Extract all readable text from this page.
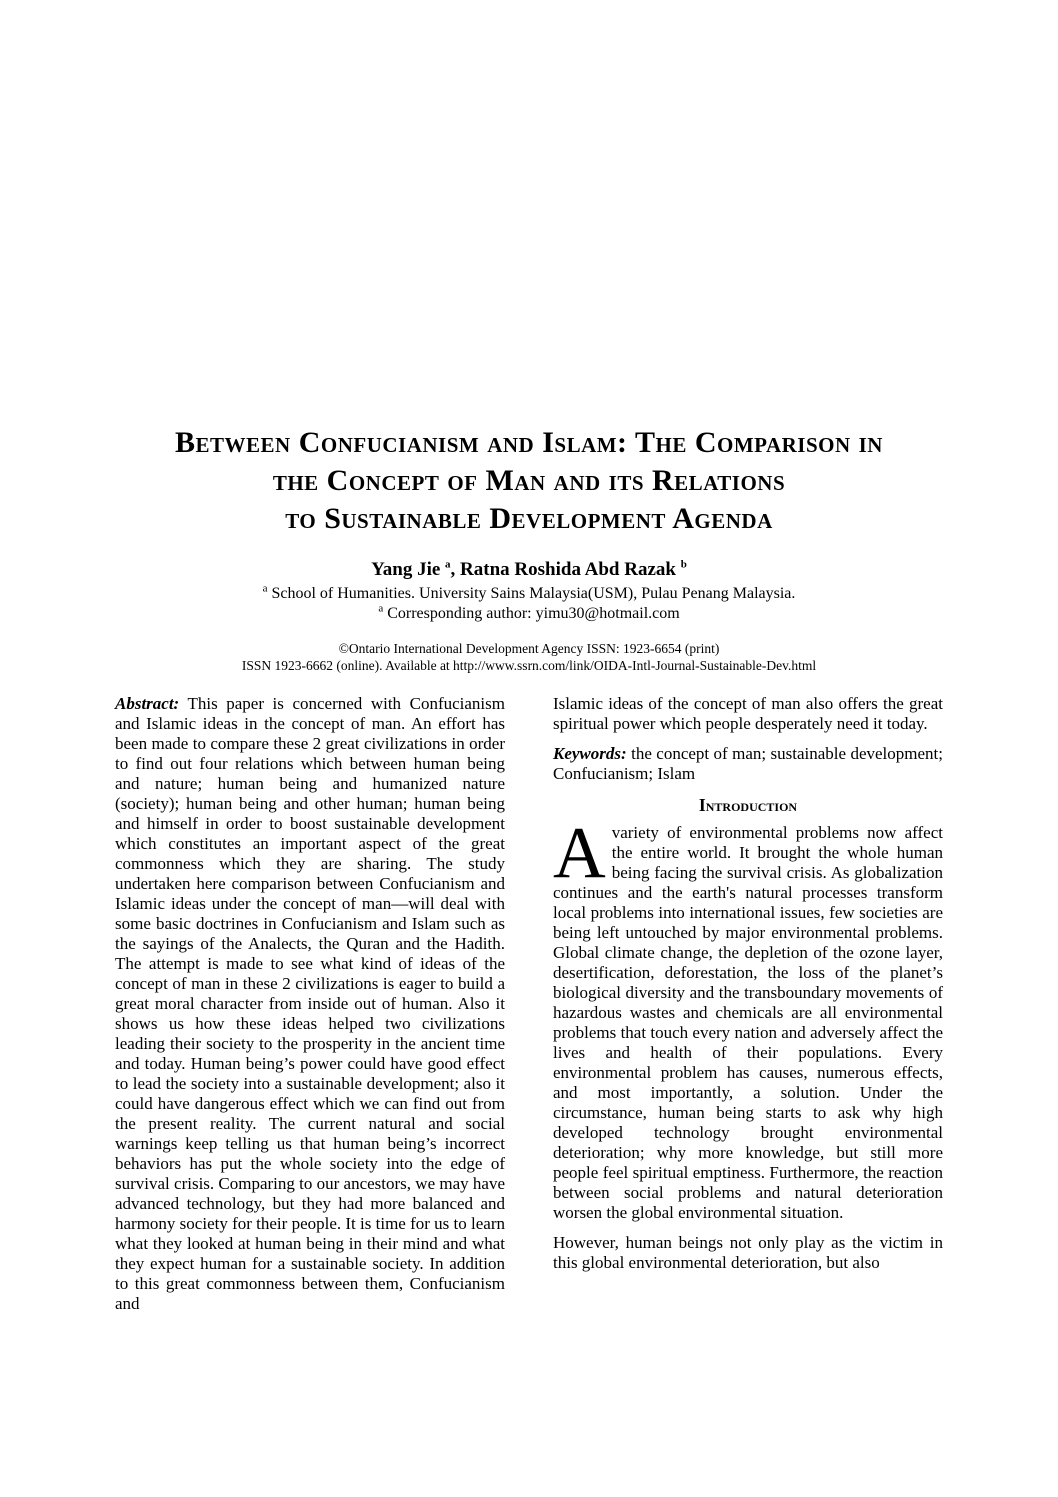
Between Confucianism and Islam: The Comparison in
the Concept of Man and its Relations
to Sustainable Development Agenda
Yang Jie $^a$, Ratna Roshida Abd Razak $^b$
$^a$ School of Humanities. University Sains Malaysia(USM), Pulau Penang Malaysia.
$^a$ Corresponding author: yimu30@hotmail.com
©Ontario International Development Agency ISSN: 1923-6654 (print)
ISSN 1923-6662 (online). Available at http://www.ssrn.com/link/OIDA-Intl-Journal-Sustainable-Dev.html

Abstract: This paper is concerned with Confucianism and Islamic ideas in the concept of man. An effort has been made to compare these 2 great civilizations in order to find out four relations which between human being and nature; human being and humanized nature (society); human being and other human; human being and himself in order to boost sustainable development which constitutes an important aspect of the great commonness which they are sharing. The study undertaken here comparison between Confucianism and Islamic ideas under the concept of man—will deal with some basic doctrines in Confucianism and Islam such as the sayings of the Analects, the Quran and the Hadith. The attempt is made to see what kind of ideas of the concept of man in these 2 civilizations is eager to build a great moral character from inside out of human. Also it shows us how these ideas helped two civilizations leading their society to the prosperity in the ancient time and today. Human being’s power could have good effect to lead the society into a sustainable development; also it could have dangerous effect which we can find out from the present reality. The current natural and social warnings keep telling us that human being’s incorrect behaviors has put the whole society into the edge of survival crisis. Comparing to our ancestors, we may have advanced technology, but they had more balanced and harmony society for their people. It is time for us to learn what they looked at human being in their mind and what they expect human for a sustainable society. In addition to this great commonness between them, Confucianism and

Islamic ideas of the concept of man also offers the great spiritual power which people desperately need it today.

Keywords: the concept of man; sustainable development; Confucianism; Islam

Introduction

Avariety of environmental problems now affect the entire world. It brought the whole human being facing the survival crisis. As globalization continues and the earth's natural processes transform local problems into international issues, few societies are being left untouched by major environmental problems. Global climate change, the depletion of the ozone layer, desertification, deforestation, the loss of the planet’s biological diversity and the transboundary movements of hazardous wastes and chemicals are all environmental problems that touch every nation and adversely affect the lives and health of their populations. Every environmental problem has causes, numerous effects, and most importantly, a solution. Under the circumstance, human being starts to ask why high developed technology brought environmental deterioration; why more knowledge, but still more people feel spiritual emptiness. Furthermore, the reaction between social problems and natural deterioration worsen the global environmental situation.

However, human beings not only play as the victim in this global environmental deterioration, but also
